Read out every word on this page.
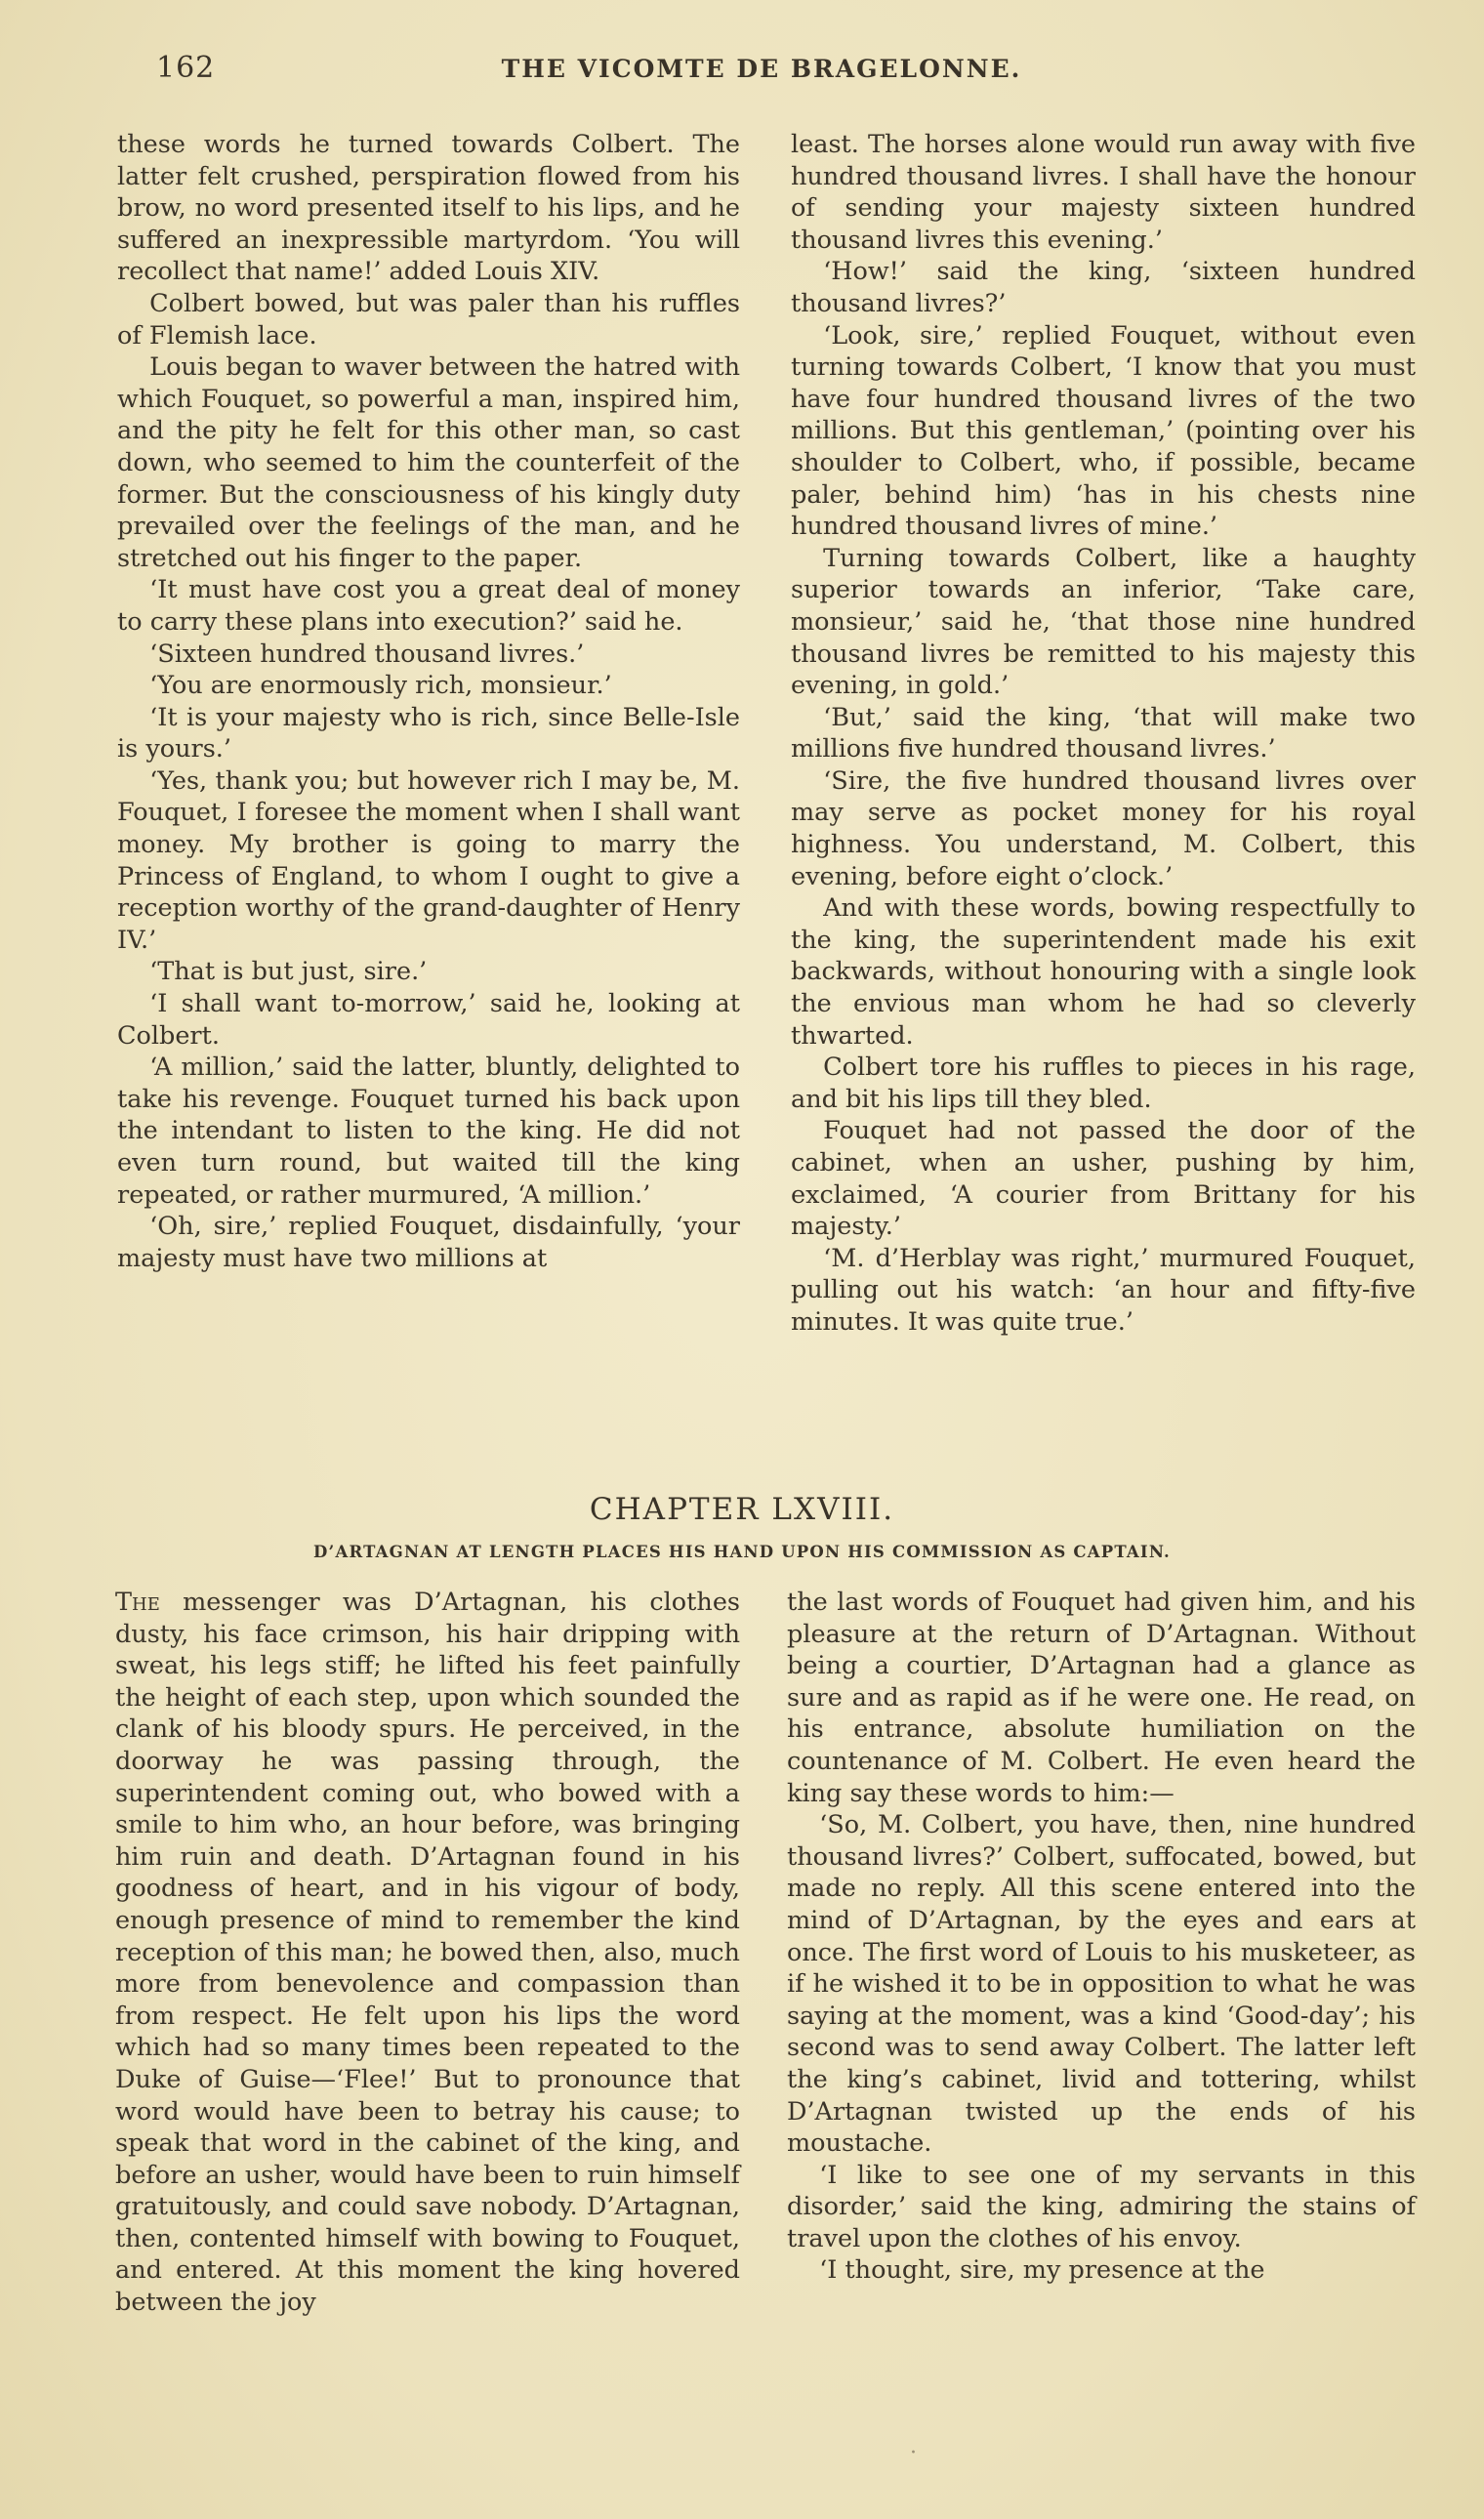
162	THE VICOMTE DE BRAGELONNE.

these words he turned towards Colbert. The latter felt crushed, perspiration flowed from his brow, no word presented itself to his lips, and he suffered an inexpressible martyrdom. ‘You will recollect that name!’ added Louis XIV.

Colbert bowed, but was paler than his ruffles of Flemish lace.

Louis began to waver between the hatred with which Fouquet, so powerful a man, inspired him, and the pity he felt for this other man, so cast down, who seemed to him the counterfeit of the former. But the consciousness of his kingly duty prevailed over the feelings of the man, and he stretched out his finger to the paper.

‘It must have cost you a great deal of money to carry these plans into execution?’ said he.

‘Sixteen hundred thousand livres.’

‘You are enormously rich, monsieur.’

‘It is your majesty who is rich, since Belle-Isle is yours.’

‘Yes, thank you; but however rich I may be, M. Fouquet, I foresee the moment when I shall want money. My brother is going to marry the Princess of England, to whom I ought to give a reception worthy of the grand-daughter of Henry IV.’

‘That is but just, sire.’

‘I shall want to-morrow,’ said he, looking at Colbert.

‘A million,’ said the latter, bluntly, delighted to take his revenge. Fouquet turned his back upon the intendant to listen to the king. He did not even turn round, but waited till the king repeated, or rather murmured, ‘A million.’

‘Oh, sire,’ replied Fouquet, disdainfully, ‘your majesty must have two millions at

least. The horses alone would run away with five hundred thousand livres. I shall have the honour of sending your majesty sixteen hundred thousand livres this evening.’

‘How!’ said the king, ‘sixteen hundred thousand livres?’

‘Look, sire,’ replied Fouquet, without even turning towards Colbert, ‘I know that you must have four hundred thousand livres of the two millions. But this gentleman,’ (pointing over his shoulder to Colbert, who, if possible, became paler, behind him) ‘has in his chests nine hundred thousand livres of mine.’

Turning towards Colbert, like a haughty superior towards an inferior, ‘Take care, monsieur,’ said he, ‘that those nine hundred thousand livres be remitted to his majesty this evening, in gold.’

‘But,’ said the king, ‘that will make two millions five hundred thousand livres.’

‘Sire, the five hundred thousand livres over may serve as pocket money for his royal highness. You understand, M. Colbert, this evening, before eight o’clock.’

And with these words, bowing respectfully to the king, the superintendent made his exit backwards, without honouring with a single look the envious man whom he had so cleverly thwarted.

Colbert tore his ruffles to pieces in his rage, and bit his lips till they bled.

Fouquet had not passed the door of the cabinet, when an usher, pushing by him, exclaimed, ‘A courier from Brittany for his majesty.’

‘M. d’Herblay was right,’ murmured Fouquet, pulling out his watch: ‘an hour and fifty-five minutes. It was quite true.’

CHAPTER LXVIII.
D’ARTAGNAN AT LENGTH PLACES HIS HAND UPON HIS COMMISSION AS CAPTAIN.

The messenger was D’Artagnan, his clothes dusty, his face crimson, his hair dripping with sweat, his legs stiff; he lifted his feet painfully the height of each step, upon which sounded the clank of his bloody spurs. He perceived, in the doorway he was passing through, the superintendent coming out, who bowed with a smile to him who, an hour before, was bringing him ruin and death. D’Artagnan found in his goodness of heart, and in his vigour of body, enough presence of mind to remember the kind reception of this man; he bowed then, also, much more from benevolence and compassion than from respect. He felt upon his lips the word which had so many times been repeated to the Duke of Guise—‘Flee!’ But to pronounce that word would have been to betray his cause; to speak that word in the cabinet of the king, and before an usher, would have been to ruin himself gratuitously, and could save nobody. D’Artagnan, then, contented himself with bowing to Fouquet, and entered. At this moment the king hovered between the joy

the last words of Fouquet had given him, and his pleasure at the return of D’Artagnan. Without being a courtier, D’Artagnan had a glance as sure and as rapid as if he were one. He read, on his entrance, absolute humiliation on the countenance of M. Colbert. He even heard the king say these words to him:—

‘So, M. Colbert, you have, then, nine hundred thousand livres?’ Colbert, suffocated, bowed, but made no reply. All this scene entered into the mind of D’Artagnan, by the eyes and ears at once. The first word of Louis to his musketeer, as if he wished it to be in opposition to what he was saying at the moment, was a kind ‘Good-day’; his second was to send away Colbert. The latter left the king’s cabinet, livid and tottering, whilst D’Artagnan twisted up the ends of his moustache.

‘I like to see one of my servants in this disorder,’ said the king, admiring the stains of travel upon the clothes of his envoy.

‘I thought, sire, my presence at the

·
